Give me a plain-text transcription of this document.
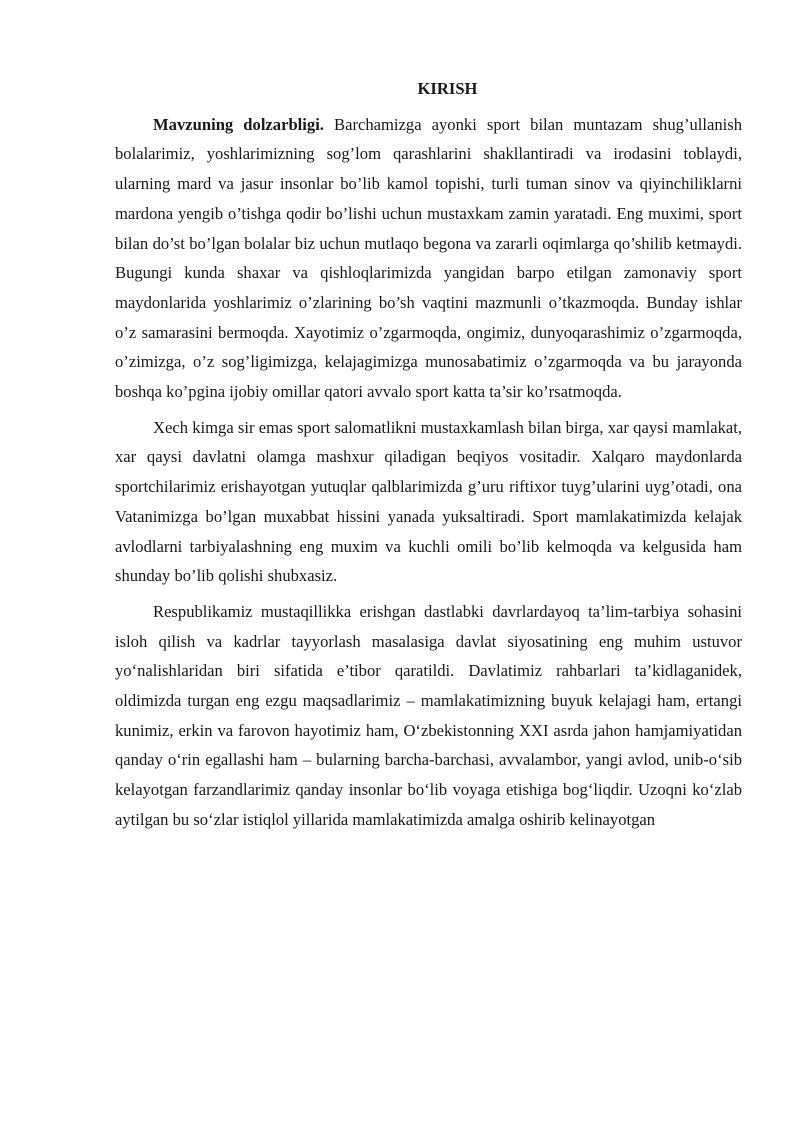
KIRISH

Mavzuning dolzarbligi. Barchamizga ayonki sport bilan muntazam shug’ullanish bolalarimiz, yoshlarimizning sog’lom qarashlarini shakllantiradi va irodasini toblaydi, ularning mard va jasur insonlar bo’lib kamol topishi, turli tuman sinov va qiyinchiliklarni mardona yengib o’tishga qodir bo’lishi uchun mustaxkam zamin yaratadi. Eng muximi, sport bilan do’st bo’lgan bolalar biz uchun mutlaqo begona va zararli oqimlarga qo’shilib ketmaydi. Bugungi kunda shaxar va qishloqlarimizda yangidan barpo etilgan zamonaviy sport maydonlarida yoshlarimiz o’zlarining bo’sh vaqtini mazmunli o’tkazmoqda. Bunday ishlar o’z samarasini bermoqda. Xayotimiz o’zgarmoqda, ongimiz, dunyoqarashimiz o’zgarmoqda, o’zimizga, o’z sog’ligimizga, kelajagimizga munosabatimiz o’zgarmoqda va bu jarayonda boshqa ko’pgina ijobiy omillar qatori avvalo sport katta ta’sir ko’rsatmoqda.

Xech kimga sir emas sport salomatlikni mustaxkamlash bilan birga, xar qaysi mamlakat, xar qaysi davlatni olamga mashxur qiladigan beqiyos vositadir. Xalqaro maydonlarda sportchilarimiz erishayotgan yutuqlar qalblarimizda g’uru riftixor tuyg’ularini uyg’otadi, ona Vatanimizga bo’lgan muxabbat hissini yanada yuksaltiradi. Sport mamlakatimizda kelajak avlodlarni tarbiyalashning eng muxim va kuchli omili bo’lib kelmoqda va kelgusida ham shunday bo’lib qolishi shubxasiz.

Respublikamiz mustaqillikka erishgan dastlabki davrlardayoq ta’lim-tarbiya sohasini isloh qilish va kadrlar tayyorlash masalasiga davlat siyosatining eng muhim ustuvor yo‘nalishlaridan biri sifatida e’tibor qaratildi. Davlatimiz rahbarlari ta’kidlaganidek, oldimizda turgan eng ezgu maqsadlarimiz – mamlakatimizning buyuk kelajagi ham, ertangi kunimiz, erkin va farovon hayotimiz ham, O‘zbekistonning XXI asrda jahon hamjamiyatidan qanday o‘rin egallashi ham – bularning barcha-barchasi, avvalambor, yangi avlod, unib-o‘sib kelayotgan farzandlarimiz qanday insonlar bo‘lib voyaga etishiga bog‘liqdir. Uzoqni ko‘zlab aytilgan bu so‘zlar istiqlol yillarida mamlakatimizda amalga oshirib kelinayotgan
